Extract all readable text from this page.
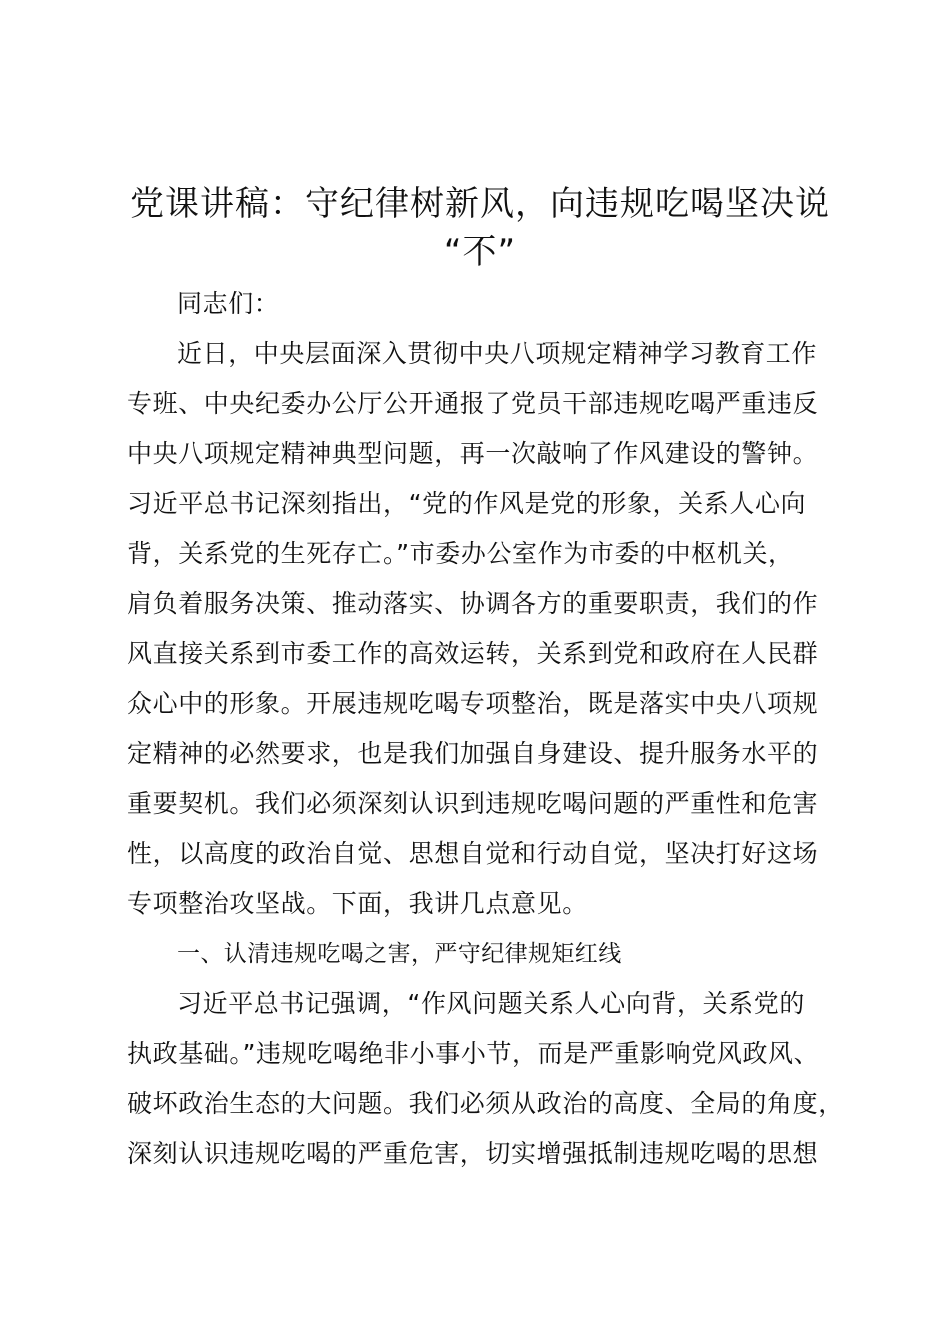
党课讲稿：守纪律树新风，向违规吃喝坚决说
“不”
同志们：
近日，中央层面深入贯彻中央八项规定精神学习教育工作
专班、中央纪委办公厅公开通报了党员干部违规吃喝严重违反
中央八项规定精神典型问题，再一次敲响了作风建设的警钟。
习近平总书记深刻指出，“党的作风是党的形象，关系人心向
背，关系党的生死存亡。”市委办公室作为市委的中枢机关，
肩负着服务决策、推动落实、协调各方的重要职责，我们的作
风直接关系到市委工作的高效运转，关系到党和政府在人民群
众心中的形象。开展违规吃喝专项整治，既是落实中央八项规
定精神的必然要求，也是我们加强自身建设、提升服务水平的
重要契机。我们必须深刻认识到违规吃喝问题的严重性和危害
性，以高度的政治自觉、思想自觉和行动自觉，坚决打好这场
专项整治攻坚战。下面，我讲几点意见。
一、认清违规吃喝之害，严守纪律规矩红线
习近平总书记强调，“作风问题关系人心向背，关系党的
执政基础。”违规吃喝绝非小事小节，而是严重影响党风政风、
破坏政治生态的大问题。我们必须从政治的高度、全局的角度，
深刻认识违规吃喝的严重危害，切实增强抵制违规吃喝的思想
